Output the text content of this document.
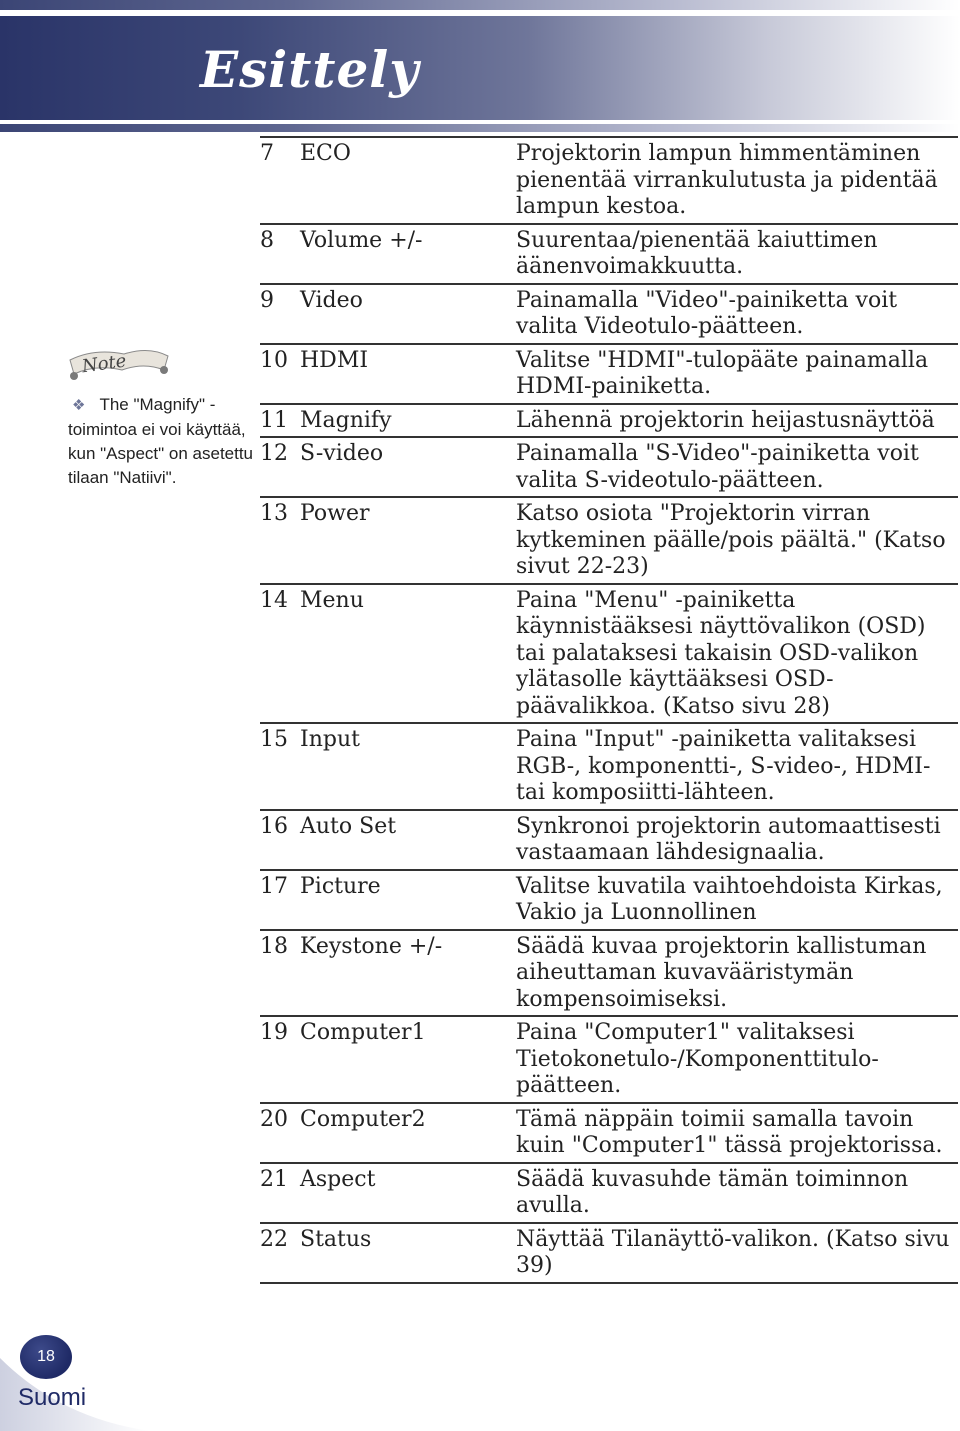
Esittely
Note
❖ The "Magnify" -toimintoa ei voi käyttää, kun "Aspect" on asetettu tilaan "Natiivi".
7	ECO	Projektorin lampun himmentäminen pienentää virrankulutusta ja pidentää lampun kestoa.
8	Volume +/-	Suurentaa/pienentää kaiuttimen äänenvoimakkuutta.
9	Video	Painamalla "Video"-painiketta voit valita Videotulo-päätteen.
10 HDMI	Valitse "HDMI"-tulopääte painamalla HDMI-painiketta.
11 Magnify	Lähennä projektorin heijastusnäyttöä
12 S-video	Painamalla "S-Video"-painiketta voit valita S-videotulo-päätteen.
13 Power	Katso osiota "Projektorin virran kytkeminen päälle/pois päältä." (Katso sivut 22-23)
14 Menu	Paina "Menu" -painiketta käynnistääksesi näyttövalikon (OSD) tai palataksesi takaisin OSD-valikon ylätasolle käyttääksesi OSD-päävalikkoa. (Katso sivu 28)
15 Input	Paina "Input" -painiketta valitaksesi RGB-, komponentti-, S-video-, HDMI-tai komposiitti-lähteen.
16 Auto Set	Synkronoi projektorin automaattisesti vastaamaan lähdesignaalia.
17 Picture	Valitse kuvatila vaihtoehdoista Kirkas, Vakio ja Luonnollinen
18 Keystone +/-	Säädä kuvaa projektorin kallistuman aiheuttaman kuvavääristymän kompensoimiseksi.
19 Computer1	Paina "Computer1" valitaksesi Tietokonetulo-/Komponenttitulo-päätteen.
20 Computer2	Tämä näppäin toimii samalla tavoin kuin "Computer1" tässä projektorissa.
21 Aspect	Säädä kuvasuhde tämän toiminnon avulla.
22 Status	Näyttää Tilanäyttö-valikon. (Katso sivu 39)
18
Suomi
